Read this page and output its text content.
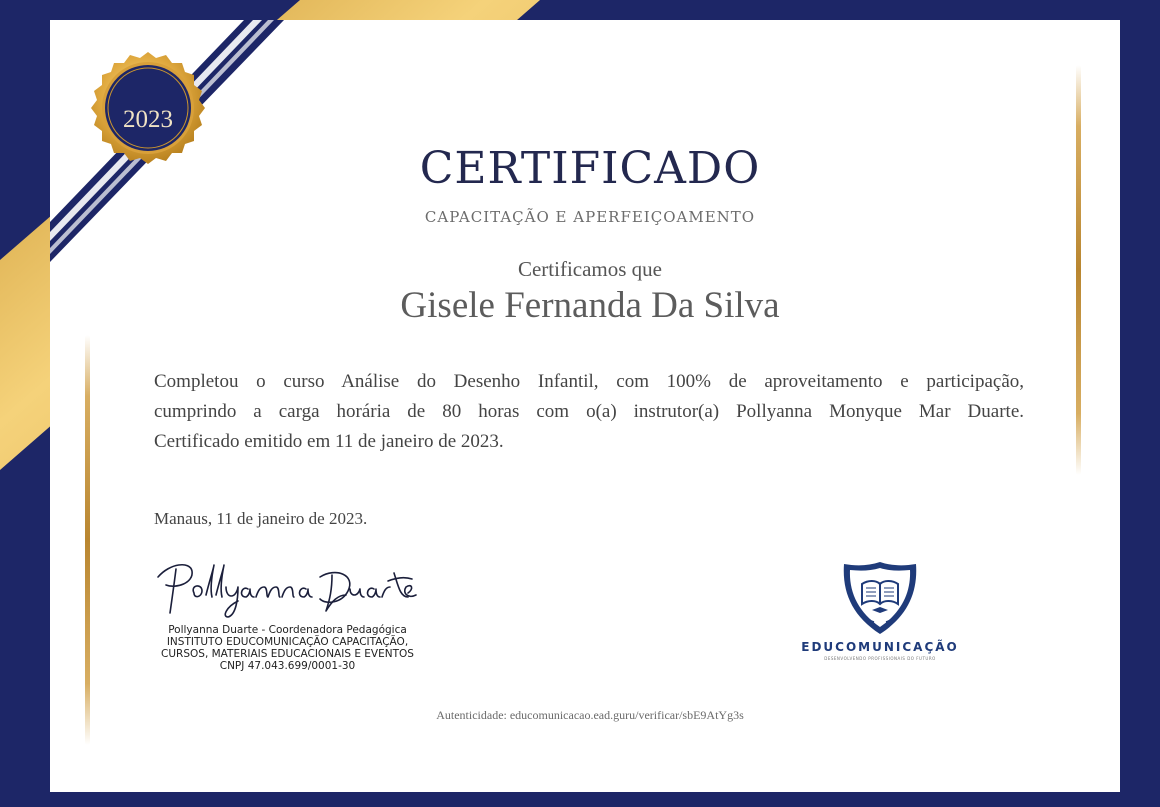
2023
CERTIFICADO
CAPACITAÇÃO E APERFEIÇOAMENTO
Certificamos que
Gisele Fernanda Da Silva
Completou o curso Análise do Desenho Infantil, com 100% de aproveitamento e participação,
cumprindo a carga horária de 80 horas com o(a) instrutor(a) Pollyanna Monyque Mar Duarte.
Certificado emitido em 11 de janeiro de 2023.
Manaus, 11 de janeiro de 2023.
Pollyanna Duarte - Coordenadora Pedagógica
INSTITUTO EDUCOMUNICAÇÃO CAPACITAÇÃO,
CURSOS, MATERIAIS EDUCACIONAIS E EVENTOS
CNPJ 47.043.699/0001-30
EDUCOMUNICAÇÃO
DESENVOLVENDO PROFISSIONAIS DO FUTURO
Autenticidade: educomunicacao.ead.guru/verificar/sbE9AtYg3s
